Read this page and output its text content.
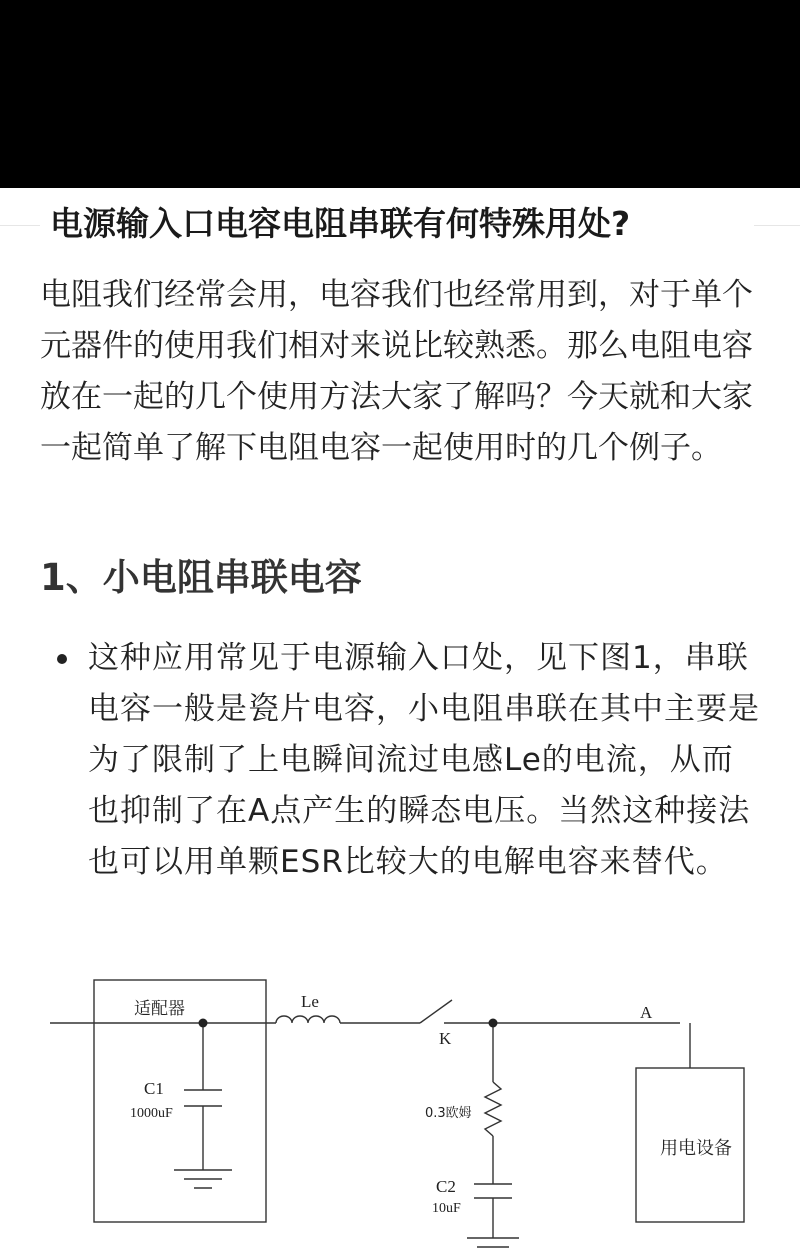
电源输入口电容电阻串联有何特殊用处?

电阻我们经常会用，电容我们也经常用到，对于单个元器件的使用我们相对来说比较熟悉。那么电阻电容放在一起的几个使用方法大家了解吗？今天就和大家一起简单了解下电阻电容一起使用时的几个例子。

1、小电阻串联电容

这种应用常见于电源输入口处，见下图1，串联电容一般是瓷片电容，小电阻串联在其中主要是为了限制了上电瞬间流过电感Le的电流，从而也抑制了在A点产生的瞬态电压。当然这种接法也可以用单颗ESR比较大的电解电容来替代。

适配器	Le
K
A
C1
1000uF	0.3欧姆
C2
10uF
用电设备
